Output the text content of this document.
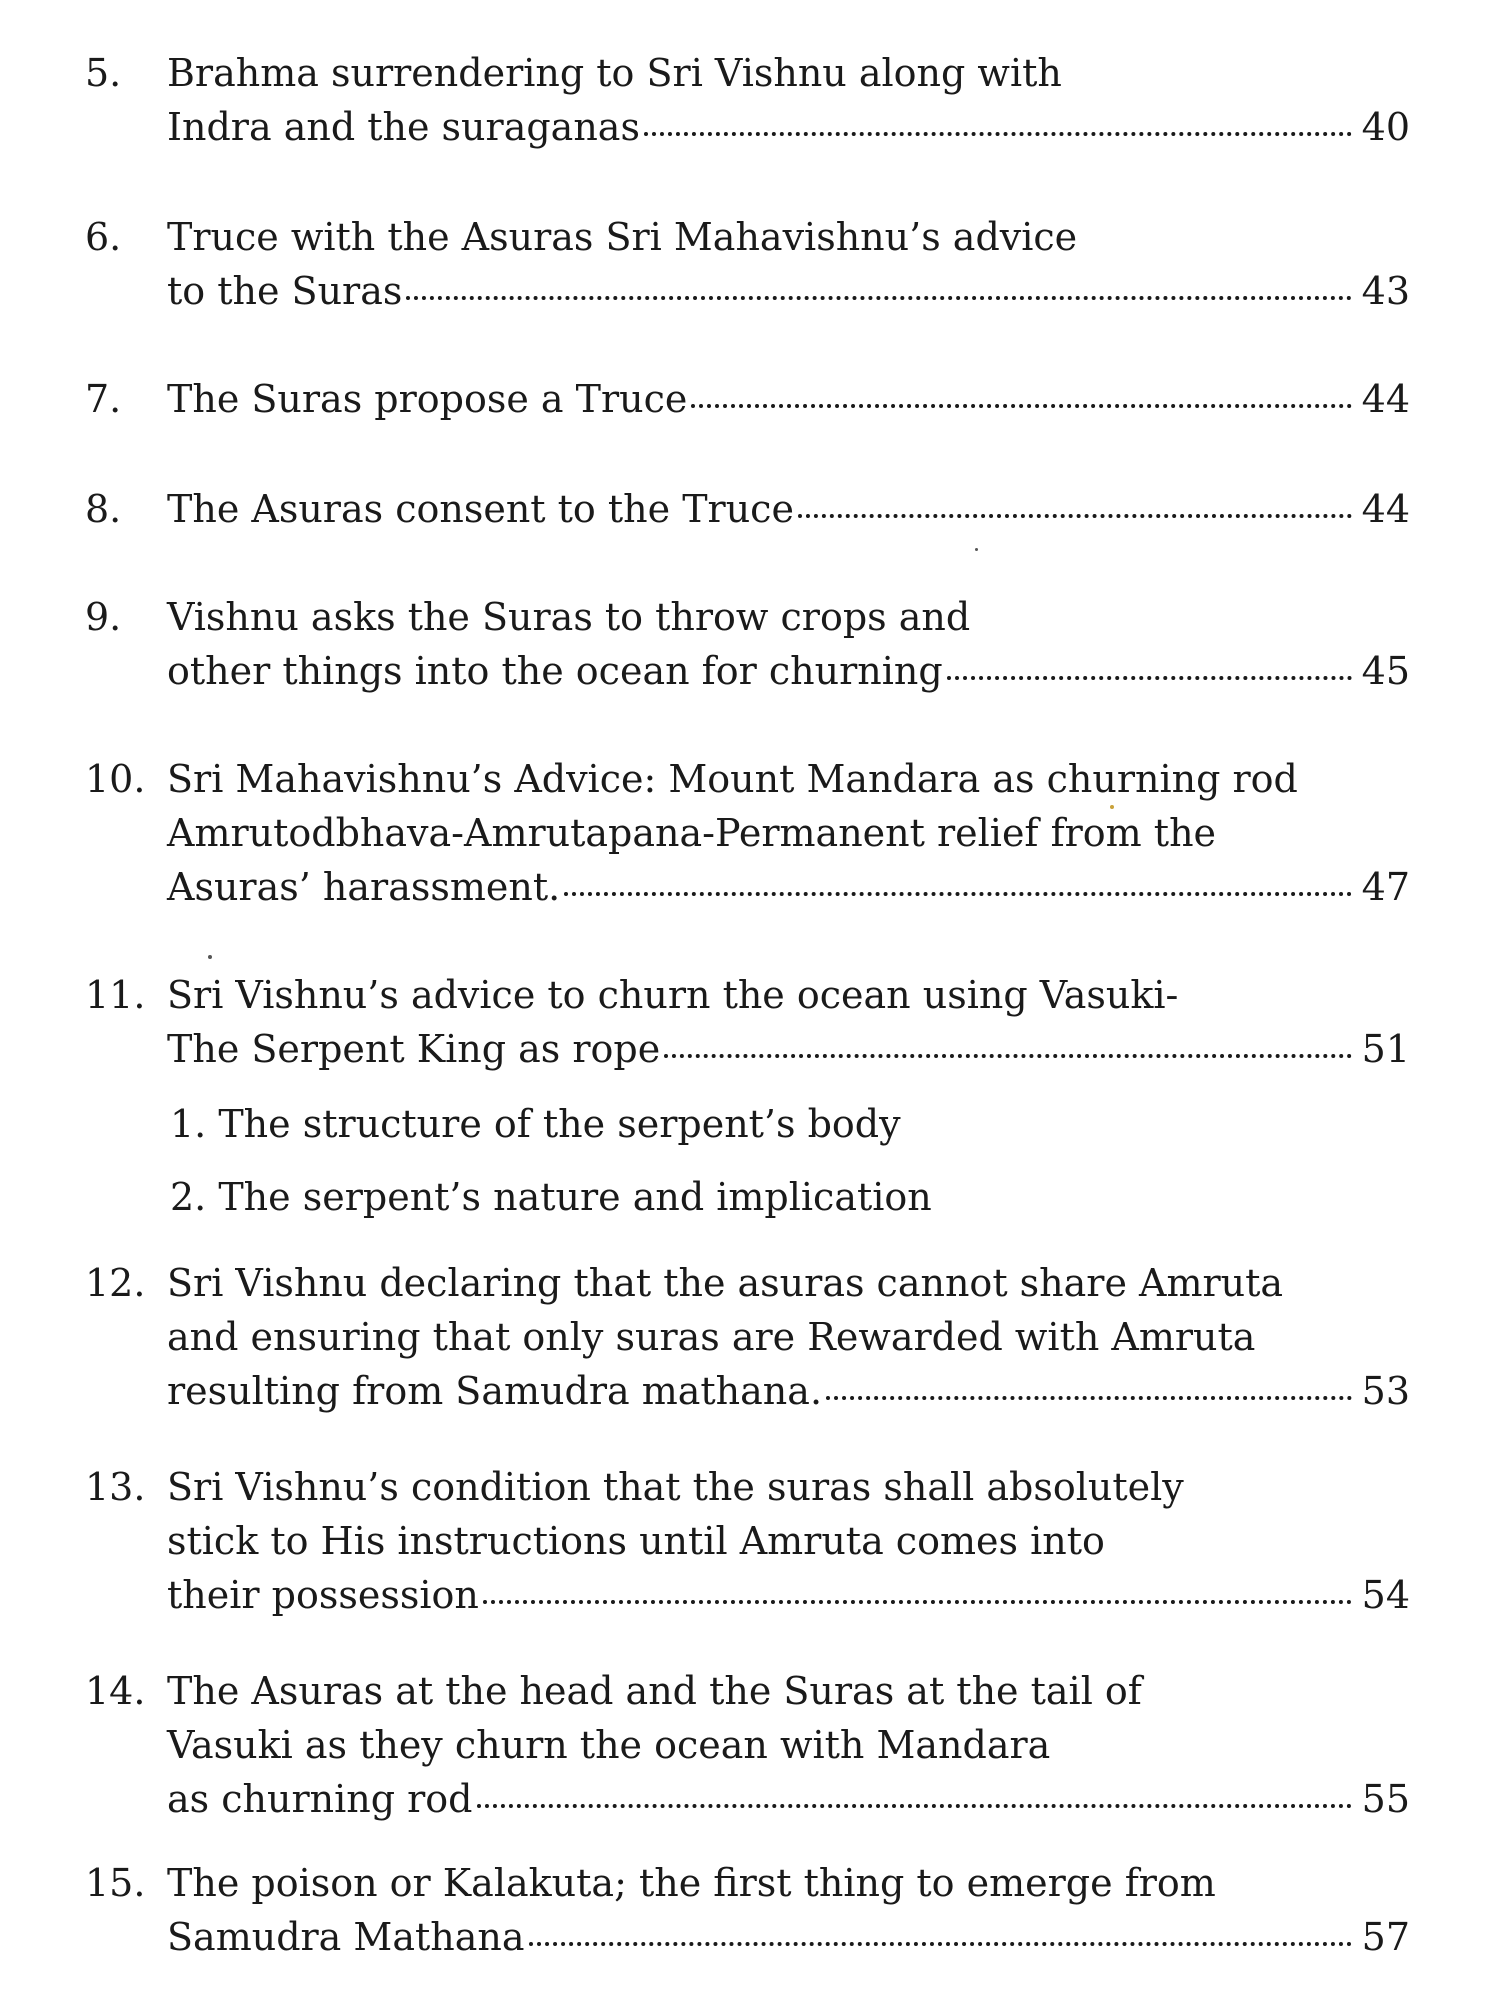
5. Brahma surrendering to Sri Vishnu along with
Indra and the suraganas	40
6. Truce with the Asuras Sri Mahavishnu’s advice
to the Suras	43
7. The Suras propose a Truce	44
8. The Asuras consent to the Truce	44
9. Vishnu asks the Suras to throw crops and
other things into the ocean for churning	45
10. Sri Mahavishnu’s Advice: Mount Mandara as churning rod
Amrutodbhava-Amrutapana-Permanent relief from the
Asuras’ harassment.	47
11. Sri Vishnu’s advice to churn the ocean using Vasuki-
The Serpent King as rope	51
1. The structure of the serpent’s body
2. The serpent’s nature and implication
12. Sri Vishnu declaring that the asuras cannot share Amruta
and ensuring that only suras are Rewarded with Amruta
resulting from Samudra mathana.	53
13. Sri Vishnu’s condition that the suras shall absolutely
stick to His instructions until Amruta comes into
their possession	54
14. The Asuras at the head and the Suras at the tail of
Vasuki as they churn the ocean with Mandara
as churning rod	55
15. The poison or Kalakuta; the first thing to emerge from
Samudra Mathana	57
